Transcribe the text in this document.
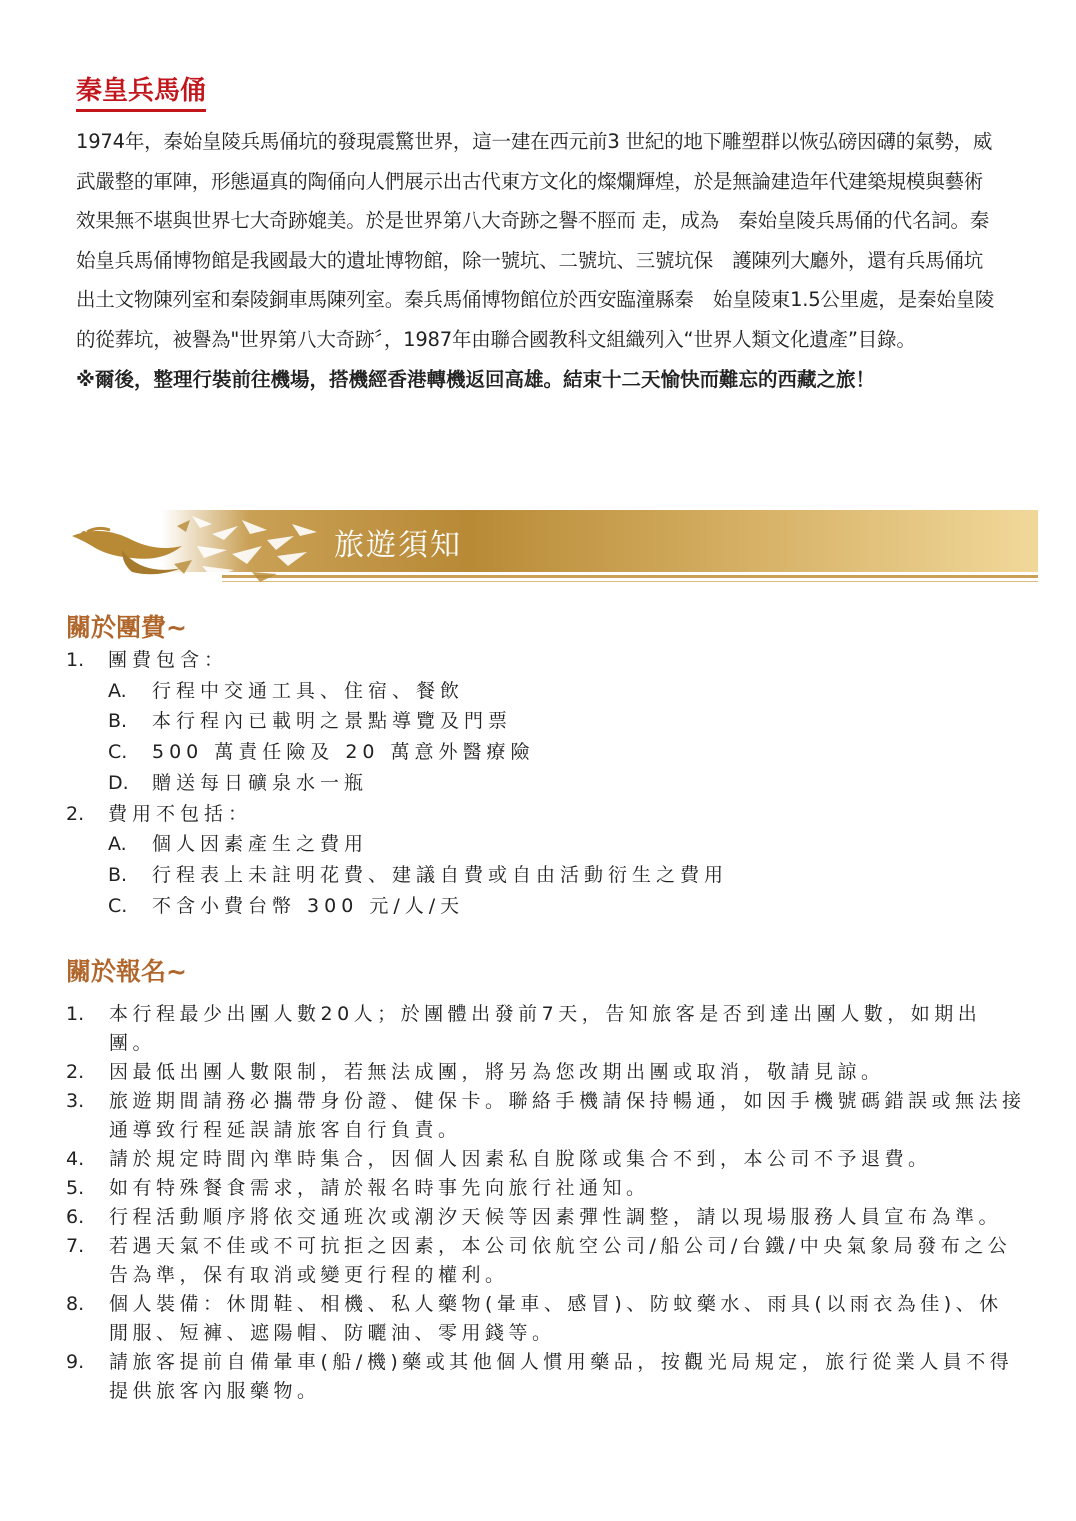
秦皇兵馬俑

1974年，秦始皇陵兵馬俑坑的發現震驚世界，這一建在西元前3 世紀的地下雕塑群以恢弘磅因礴的氣勢，威武嚴整的軍陣，形態逼真的陶俑向人們展示出古代東方文化的燦爛輝煌，於是無論建造年代建築規模與藝術效果無不堪與世界七大奇跡媲美。於是世界第八大奇跡之譽不脛而 走，成為　秦始皇陵兵馬俑的代名詞。秦始皇兵馬俑博物館是我國最大的遺址博物館，除一號坑、二號坑、三號坑保　護陳列大廳外，還有兵馬俑坑出土文物陳列室和秦陵銅車馬陳列室。秦兵馬俑博物館位於西安臨潼縣秦　始皇陵東1.5公里處，是秦始皇陵的從葬坑，被譽為"世界第八大奇跡〞，1987年由聯合國教科文組織列入“世界人類文化遺產”目錄。

※爾後，整理行裝前往機場，搭機經香港轉機返回高雄。結束十二天愉快而難忘的西藏之旅！

旅遊須知
關於團費~
1. 團費包含：
A. 行程中交通工具、住宿、餐飲
B. 本行程內已載明之景點導覽及門票
C. 500 萬責任險及 20 萬意外醫療險
D. 贈送每日礦泉水一瓶
2. 費用不包括：
A. 個人因素產生之費用
B. 行程表上未註明花費、建議自費或自由活動衍生之費用
C. 不含小費台幣 300 元/人/天
關於報名~
1. 本行程最少出團人數20人；於團體出發前7天，告知旅客是否到達出團人數，如期出團。
2. 因最低出團人數限制，若無法成團，將另為您改期出團或取消，敬請見諒。
3. 旅遊期間請務必攜帶身份證、健保卡。聯絡手機請保持暢通，如因手機號碼錯誤或無法接通導致行程延誤請旅客自行負責。
4. 請於規定時間內準時集合，因個人因素私自脫隊或集合不到，本公司不予退費。
5. 如有特殊餐食需求，請於報名時事先向旅行社通知。
6. 行程活動順序將依交通班次或潮汐天候等因素彈性調整，請以現場服務人員宣布為準。
7. 若遇天氣不佳或不可抗拒之因素，本公司依航空公司/船公司/台鐵/中央氣象局發布之公告為準，保有取消或變更行程的權利。
8. 個人裝備：休閒鞋、相機、私人藥物(暈車、感冒)、防蚊藥水、雨具(以雨衣為佳)、休閒服、短褲、遮陽帽、防曬油、零用錢等。
9. 請旅客提前自備暈車(船/機)藥或其他個人慣用藥品，按觀光局規定，旅行從業人員不得提供旅客內服藥物。
